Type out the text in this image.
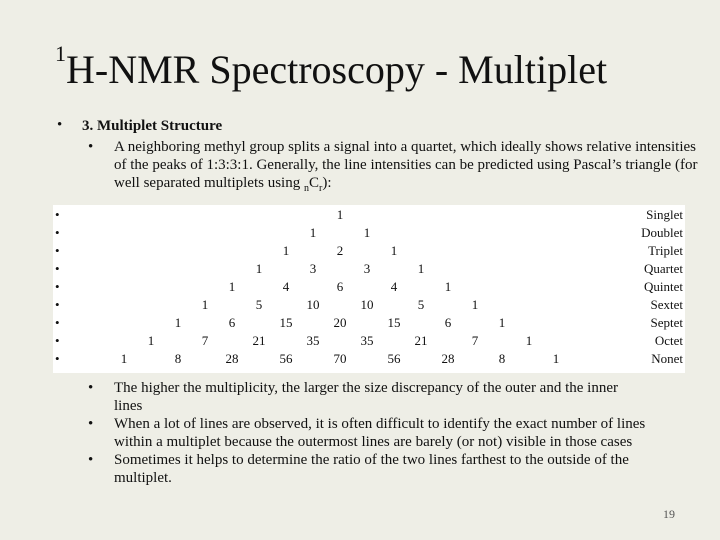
$^1$H-NMR Spectroscopy - Multiplet
• 3. Multiplet Structure
• A neighboring methyl group splits a signal into a quartet, which ideally shows relative intensities of the peaks of 1:3:3:1. Generally, the line intensities can be predicted using Pascal’s triangle (for well separated multiplets using $_nC_r$):
•	1	Singlet
•	1	1	Doublet
•	1	2	1	Triplet
•	1	3	3	1	Quartet
•	1	4	6	4	1	Quintet
•	1	5	10	10	5	1	Sextet
•	1	6	15	20	15	6	1	Septet
•	1	7	21	35	35	21	7	1	Octet
•	1	8	28	56	70	56	28	8	1	Nonet
• The higher the multiplicity, the larger the size discrepancy of the outer and the inner lines
• When a lot of lines are observed, it is often difficult to identify the exact number of lines within a multiplet because the outermost lines are barely (or not) visible in those cases
• Sometimes it helps to determine the ratio of the two lines farthest to the outside of the multiplet.
19
